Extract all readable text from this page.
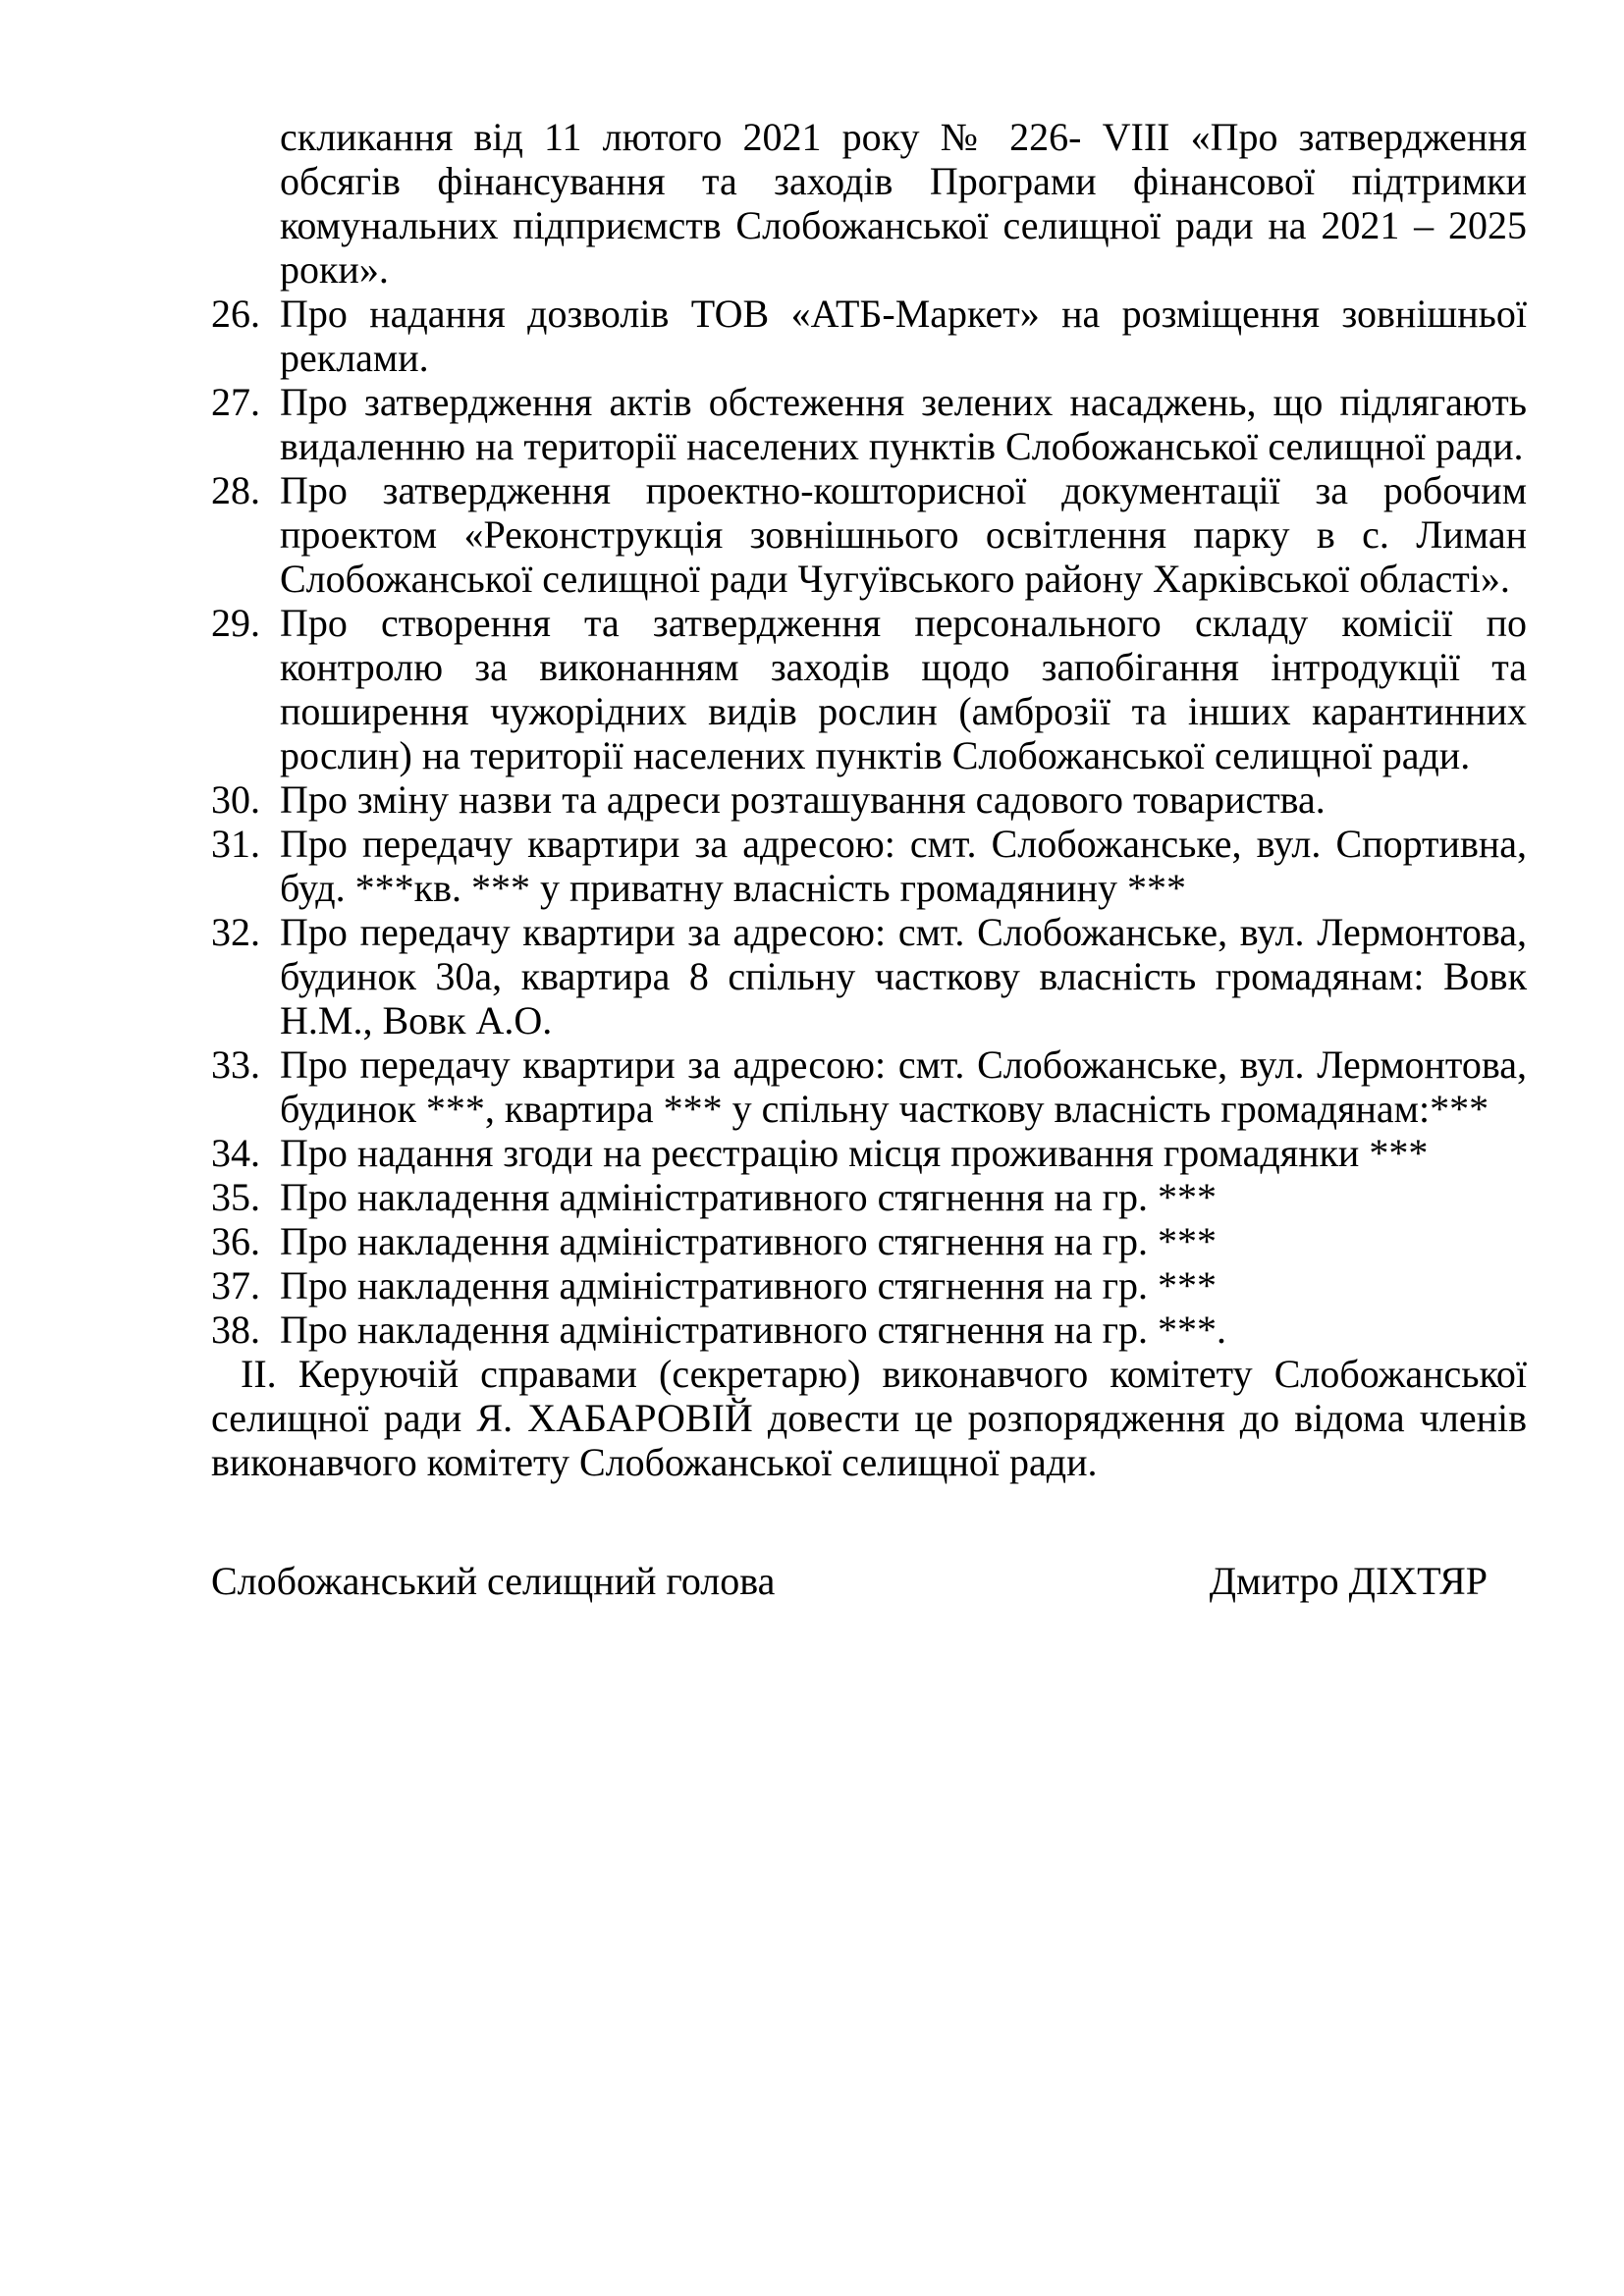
скликання від 11 лютого 2021 року № 226- VIII «Про затвердження обсягів фінансування та заходів Програми фінансової підтримки комунальних підприємств Слобожанської селищної ради на 2021 – 2025 роки».
26. Про надання дозволів ТОВ «АТБ-Маркет» на розміщення зовнішньої реклами.
27. Про затвердження актів обстеження зелених насаджень, що підлягають видаленню на території населених пунктів Слобожанської селищної ради.
28. Про затвердження проектно-кошторисної документації за робочим проектом «Реконструкція зовнішнього освітлення парку в с. Лиман Слобожанської селищної ради Чугуївського району Харківської області».
29. Про створення та затвердження персонального складу комісії по контролю за виконанням заходів щодо запобігання інтродукції та поширення чужорідних видів рослин (амброзії та інших карантинних рослин) на території населених пунктів Слобожанської селищної ради.
30. Про зміну назви та адреси розташування садового товариства.
31. Про передачу квартири за адресою: смт. Слобожанське, вул. Спортивна, буд. ***кв. *** у приватну власність громадянину ***
32. Про передачу квартири за адресою: смт. Слобожанське, вул. Лермонтова, будинок 30а, квартира 8 спільну часткову власність громадянам: Вовк Н.М., Вовк А.О.
33. Про передачу квартири за адресою: смт. Слобожанське, вул. Лермонтова, будинок ***, квартира *** у спільну часткову власність громадянам:***
34. Про надання згоди на реєстрацію місця проживання громадянки ***
35. Про накладення адміністративного стягнення на гр. ***
36. Про накладення адміністративного стягнення на гр. ***
37. Про накладення адміністративного стягнення на гр. ***
38. Про накладення адміністративного стягнення на гр. ***.
ІІ. Керуючій справами (секретарю) виконавчого комітету Слобожанської селищної ради Я. ХАБАРОВІЙ довести це розпорядження до відома членів виконавчого комітету Слобожанської селищної ради.
Слобожанський селищний голова	Дмитро ДІХТЯР
